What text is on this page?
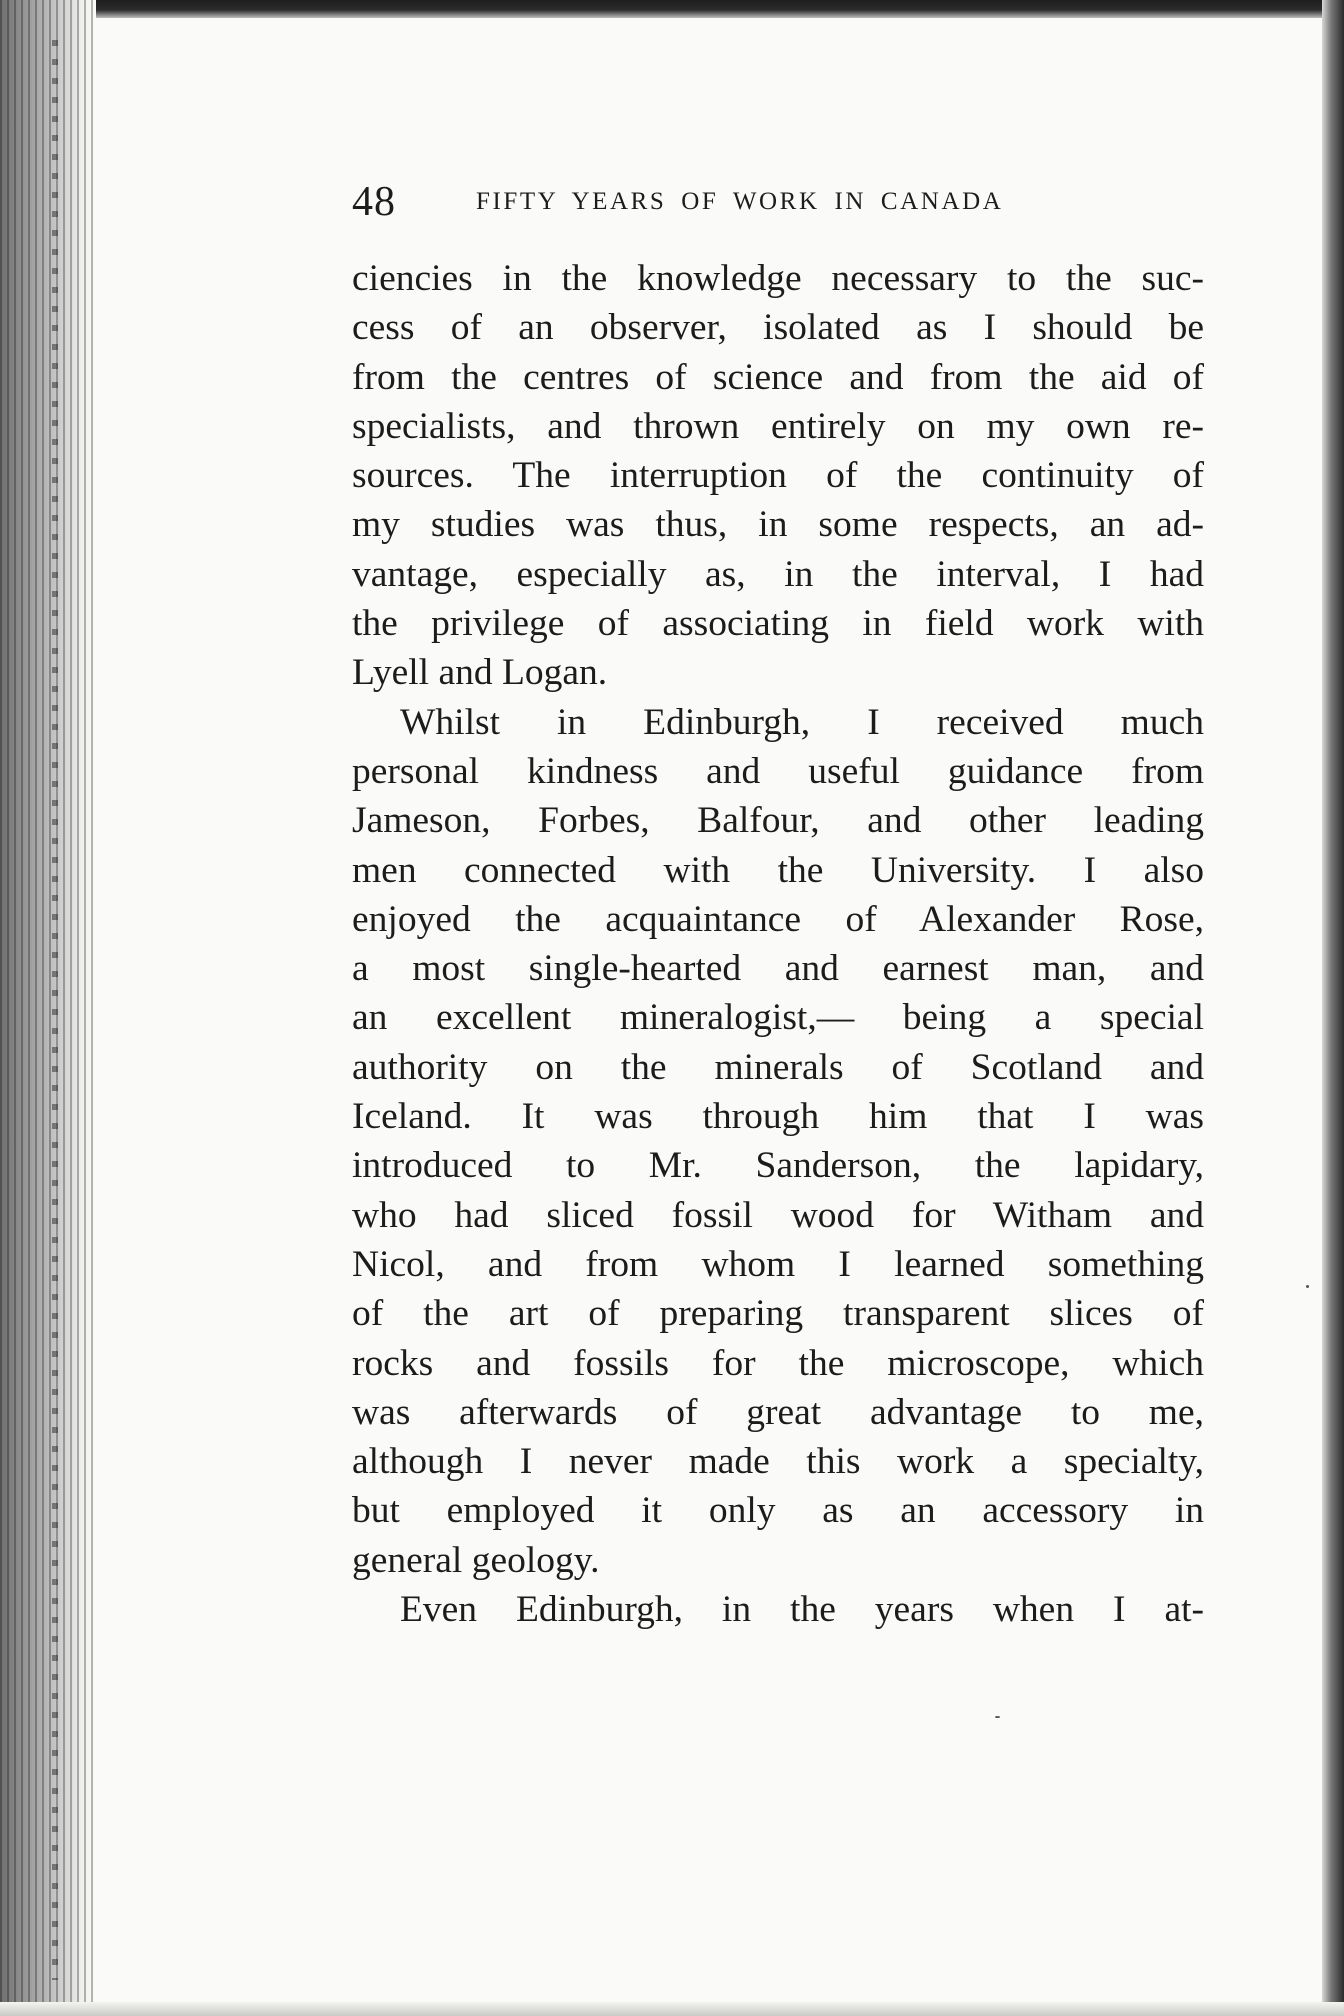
48	FIFTY YEARS OF WORK IN CANADA
ciencies in the knowledge necessary to the suc-
cess of an observer, isolated as I should be
from the centres of science and from the aid of
specialists, and thrown entirely on my own re-
sources. The interruption of the continuity of
my studies was thus, in some respects, an ad-
vantage, especially as, in the interval, I had
the privilege of associating in field work with
Lyell and Logan.
Whilst in Edinburgh, I received much
personal kindness and useful guidance from
Jameson, Forbes, Balfour, and other leading
men connected with the University. I also
enjoyed the acquaintance of Alexander Rose,
a most single-hearted and earnest man, and
an excellent mineralogist,— being a special
authority on the minerals of Scotland and
Iceland. It was through him that I was
introduced to Mr. Sanderson, the lapidary,
who had sliced fossil wood for Witham and
Nicol, and from whom I learned something
of the art of preparing transparent slices of
rocks and fossils for the microscope, which
was afterwards of great advantage to me,
although I never made this work a specialty,
but employed it only as an accessory in
general geology.
Even Edinburgh, in the years when I at-
